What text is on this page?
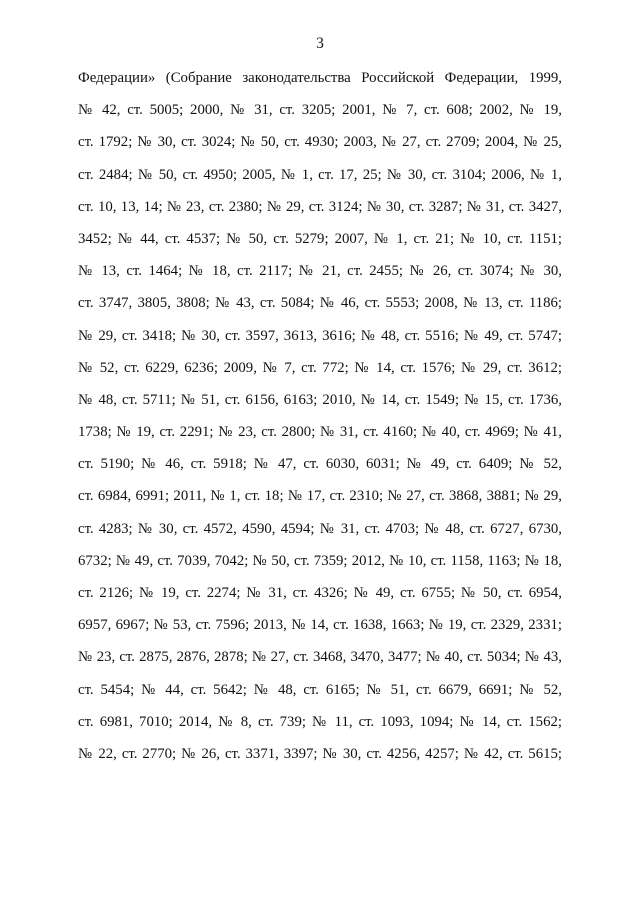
3
Федерации» (Собрание законодательства Российской Федерации, 1999,
№ 42, ст. 5005; 2000, № 31, ст. 3205; 2001, № 7, ст. 608; 2002, № 19,
ст. 1792; № 30, ст. 3024; № 50, ст. 4930; 2003, № 27, ст. 2709; 2004, № 25,
ст. 2484; № 50, ст. 4950; 2005, № 1, ст. 17, 25; № 30, ст. 3104; 2006, № 1,
ст. 10, 13, 14; № 23, ст. 2380; № 29, ст. 3124; № 30, ст. 3287; № 31, ст. 3427,
3452; № 44, ст. 4537; № 50, ст. 5279; 2007, № 1, ст. 21; № 10, ст. 1151;
№ 13, ст. 1464; № 18, ст. 2117; № 21, ст. 2455; № 26, ст. 3074; № 30,
ст. 3747, 3805, 3808; № 43, ст. 5084; № 46, ст. 5553; 2008, № 13, ст. 1186;
№ 29, ст. 3418; № 30, ст. 3597, 3613, 3616; № 48, ст. 5516; № 49, ст. 5747;
№ 52, ст. 6229, 6236; 2009, № 7, ст. 772; № 14, ст. 1576; № 29, ст. 3612;
№ 48, ст. 5711; № 51, ст. 6156, 6163; 2010, № 14, ст. 1549; № 15, ст. 1736,
1738; № 19, ст. 2291; № 23, ст. 2800; № 31, ст. 4160; № 40, ст. 4969; № 41,
ст. 5190; № 46, ст. 5918; № 47, ст. 6030, 6031; № 49, ст. 6409; № 52,
ст. 6984, 6991; 2011, № 1, ст. 18; № 17, ст. 2310; № 27, ст. 3868, 3881; № 29,
ст. 4283; № 30, ст. 4572, 4590, 4594; № 31, ст. 4703; № 48, ст. 6727, 6730,
6732; № 49, ст. 7039, 7042; № 50, ст. 7359; 2012, № 10, ст. 1158, 1163; № 18,
ст. 2126; № 19, ст. 2274; № 31, ст. 4326; № 49, ст. 6755; № 50, ст. 6954,
6957, 6967; № 53, ст. 7596; 2013, № 14, ст. 1638, 1663; № 19, ст. 2329, 2331;
№ 23, ст. 2875, 2876, 2878; № 27, ст. 3468, 3470, 3477; № 40, ст. 5034; № 43,
ст. 5454; № 44, ст. 5642; № 48, ст. 6165; № 51, ст. 6679, 6691; № 52,
ст. 6981, 7010; 2014, № 8, ст. 739; № 11, ст. 1093, 1094; № 14, ст. 1562;
№ 22, ст. 2770; № 26, ст. 3371, 3397; № 30, ст. 4256, 4257; № 42, ст. 5615;
